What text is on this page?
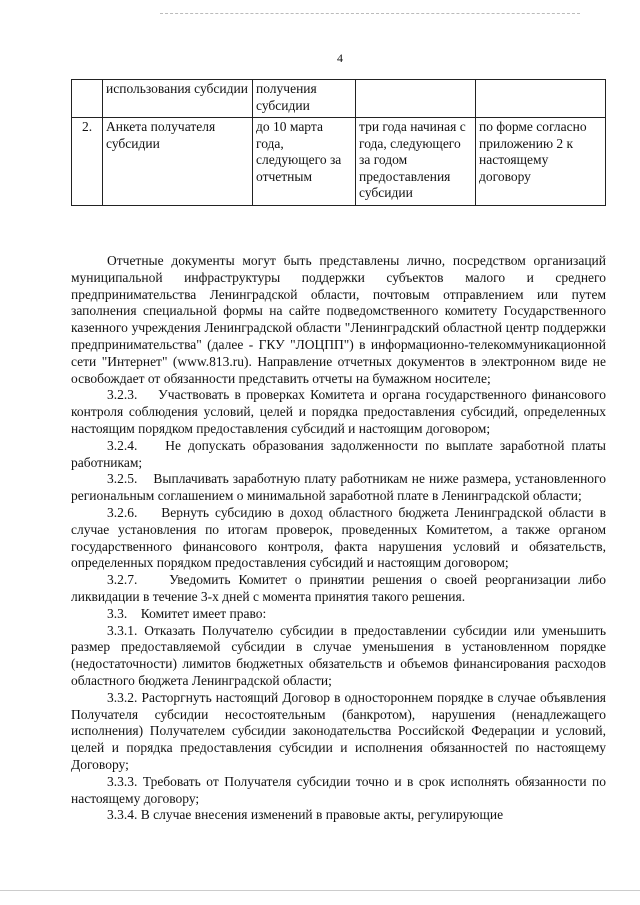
4
	использования субсидии	получения субсидии		
2.	Анкета получателя субсидии	до 10 марта года, следующего за отчетным	три года начиная с года, следующего за годом предоставления субсидии	по форме согласно приложению 2 к настоящему договору

Отчетные документы могут быть представлены лично, посредством организаций муниципальной инфраструктуры поддержки субъектов малого и среднего предпринимательства Ленинградской области, почтовым отправлением или путем заполнения специальной формы на сайте подведомственного комитету Государственного казенного учреждения Ленинградской области "Ленинградский областной центр поддержки предпринимательства" (далее - ГКУ "ЛОЦПП") в информационно-телекоммуникационной сети "Интернет" (www.813.ru). Направление отчетных документов в электронном виде не освобождает от обязанности представить отчеты на бумажном носителе;

3.2.3.    Участвовать в проверках Комитета и органа государственного финансового контроля соблюдения условий, целей и порядка предоставления субсидий, определенных настоящим порядком предоставления субсидий и настоящим договором;

3.2.4.    Не допускать образования задолженности по выплате заработной платы работникам;

3.2.5.    Выплачивать заработную плату работникам не ниже размера, установленного региональным соглашением о минимальной заработной плате в Ленинградской области;

3.2.6.    Вернуть субсидию в доход областного бюджета Ленинградской области в случае установления по итогам проверок, проведенных Комитетом, а также органом государственного финансового контроля, факта нарушения условий и обязательств, определенных порядком предоставления субсидий и настоящим договором;

3.2.7.    Уведомить Комитет о принятии решения о своей реорганизации либо ликвидации в течение 3-х дней с момента принятия такого решения.

3.3.    Комитет имеет право:

3.3.1. Отказать Получателю субсидии в предоставлении субсидии или уменьшить размер предоставляемой субсидии в случае уменьшения в установленном порядке (недостаточности) лимитов бюджетных обязательств и объемов финансирования расходов областного бюджета Ленинградской области;

3.3.2. Расторгнуть настоящий Договор в одностороннем порядке в случае объявления Получателя субсидии несостоятельным (банкротом), нарушения (ненадлежащего исполнения) Получателем субсидии законодательства Российской Федерации и условий, целей и порядка предоставления субсидии и исполнения обязанностей по настоящему Договору;

3.3.3. Требовать от Получателя субсидии точно и в срок исполнять обязанности по настоящему договору;

3.3.4. В случае внесения изменений в правовые акты, регулирующие
